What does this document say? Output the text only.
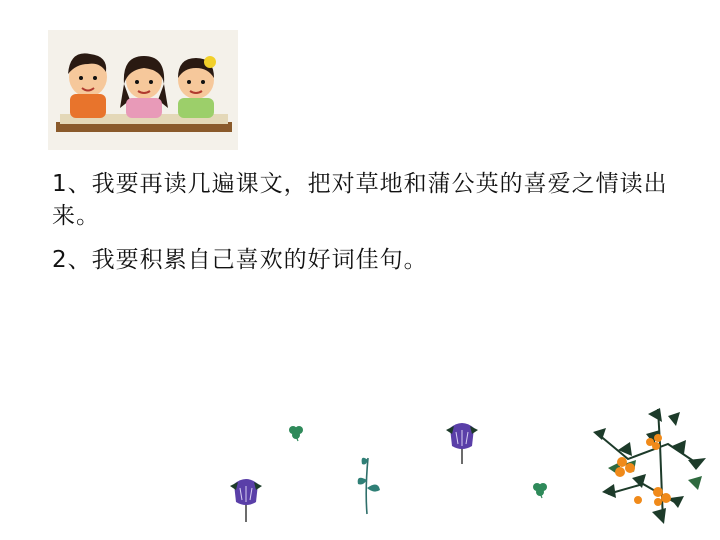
1、我要再读几遍课文，把对草地和蒲公英的喜爱之情读出来。

2、我要积累自己喜欢的好词佳句。
